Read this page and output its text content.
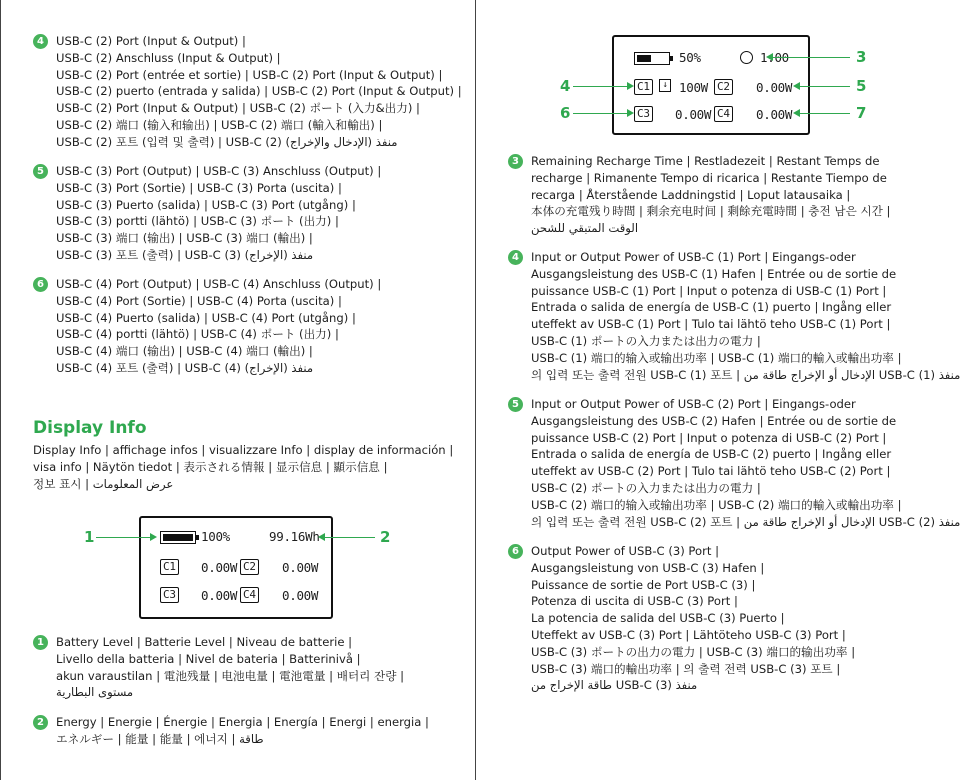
4	USB-C (2) Port (Input & Output) |
USB-C (2) Anschluss (Input & Output) |
USB-C (2) Port (entrée et sortie) | USB-C (2) Port (Input & Output) |
USB-C (2) puerto (entrada y salida) | USB-C (2) Port (Input & Output) |
USB-C (2) Port (Input & Output) | USB-C (2) ポート (入力&出力) |
USB-C (2) 端口 (输入和输出) | USB-C (2) 端口 (輸入和輸出) |
USB-C (2) 포트 (입력 및 출력) | USB-C (2) منفذ (الإدخال والإخراج)
5	USB-C (3) Port (Output) | USB-C (3) Anschluss (Output) |
USB-C (3) Port (Sortie) | USB-C (3) Porta (uscita) |
USB-C (3) Puerto (salida) | USB-C (3) Port (utgång) |
USB-C (3) portti (lähtö) | USB-C (3) ポート (出力) |
USB-C (3) 端口 (输出) | USB-C (3) 端口 (輸出) |
USB-C (3) 포트 (출력) | USB-C (3) منفذ (الإخراج)
6	USB-C (4) Port (Output) | USB-C (4) Anschluss (Output) |
USB-C (4) Port (Sortie) | USB-C (4) Porta (uscita) |
USB-C (4) Puerto (salida) | USB-C (4) Port (utgång) |
USB-C (4) portti (lähtö) | USB-C (4) ポート (出力) |
USB-C (4) 端口 (输出) | USB-C (4) 端口 (輸出) |
USB-C (4) 포트 (출력) | USB-C (4) منفذ (الإخراج)
Display Info
Display Info | affichage infos | visualizzare Info | display de información |
visa info | Näytön tiedot | 表示される情報 | 显示信息 | 顯示信息 |
정보 표시 | عرض المعلومات
100%	99.16Wh
C1 0.00W C2 0.00W
C3 0.00W C4 0.00W
1	2
1	Battery Level | Batterie Level | Niveau de batterie |
Livello della batteria | Nivel de bateria | Batterinivå |
akun varaustilan | 電池残量 | 电池电量 | 電池電量 | 배터리 잔량 |
مستوى البطارية
2	Energy | Energie | Énergie | Energia | Energía | Energi | energia |
エネルギー | 能量 | 能量 | 에너지 | طاقة
50%	1:00
C1	↓ 100W C2 0.00W
C3 0.00W C4 0.00W
3
4	5
6	7
3	Remaining Recharge Time | Restladezeit | Restant Temps de
recharge | Rimanente Tempo di ricarica | Restante Tiempo de
recarga | Återstående Laddningstid | Loput latausaika |
本体の充電残り時間 | 剩余充电时间 | 剩餘充電時間 | 충전 남은 시간 |
الوقت المتبقي للشحن
4	Input or Output Power of USB-C (1) Port | Eingangs-oder
Ausgangsleistung des USB-C (1) Hafen | Entrée ou de sortie de
puissance USB-C (1) Port | Input o potenza di USB-C (1) Port |
Entrada o salida de energía de USB-C (1) puerto | Ingång eller
uteffekt av USB-C (1) Port | Tulo tai lähtö teho USB-C (1) Port |
USB-C (1) ポートの入力または出力の電力 |
USB-C (1) 端口的输入或输出功率 | USB-C (1) 端口的輸入或輸出功率 |
의 입력 또는 출력 전원 USB-C (1) 포트 | الإدخال أو الإخراج طاقة من USB-C (1) منفذ
5	Input or Output Power of USB-C (2) Port | Eingangs-oder
Ausgangsleistung des USB-C (2) Hafen | Entrée ou de sortie de
puissance USB-C (2) Port | Input o potenza di USB-C (2) Port |
Entrada o salida de energía de USB-C (2) puerto | Ingång eller
uteffekt av USB-C (2) Port | Tulo tai lähtö teho USB-C (2) Port |
USB-C (2) ポートの入力または出力の電力 |
USB-C (2) 端口的输入或输出功率 | USB-C (2) 端口的輸入或輸出功率 |
의 입력 또는 출력 전원 USB-C (2) 포트 | الإدخال أو الإخراج طاقة من USB-C (2) منفذ
6	Output Power of USB-C (3) Port |
Ausgangsleistung von USB-C (3) Hafen |
Puissance de sortie de Port USB-C (3) |
Potenza di uscita di USB-C (3) Port |
La potencia de salida del USB-C (3) Puerto |
Uteffekt av USB-C (3) Port | Lähtöteho USB-C (3) Port |
USB-C (3) ポートの出力の電力 | USB-C (3) 端口的输出功率 |
USB-C (3) 端口的輸出功率 | 의 출력 전력 USB-C (3) 포트 |
طاقة الإخراج من USB-C (3) منفذ
